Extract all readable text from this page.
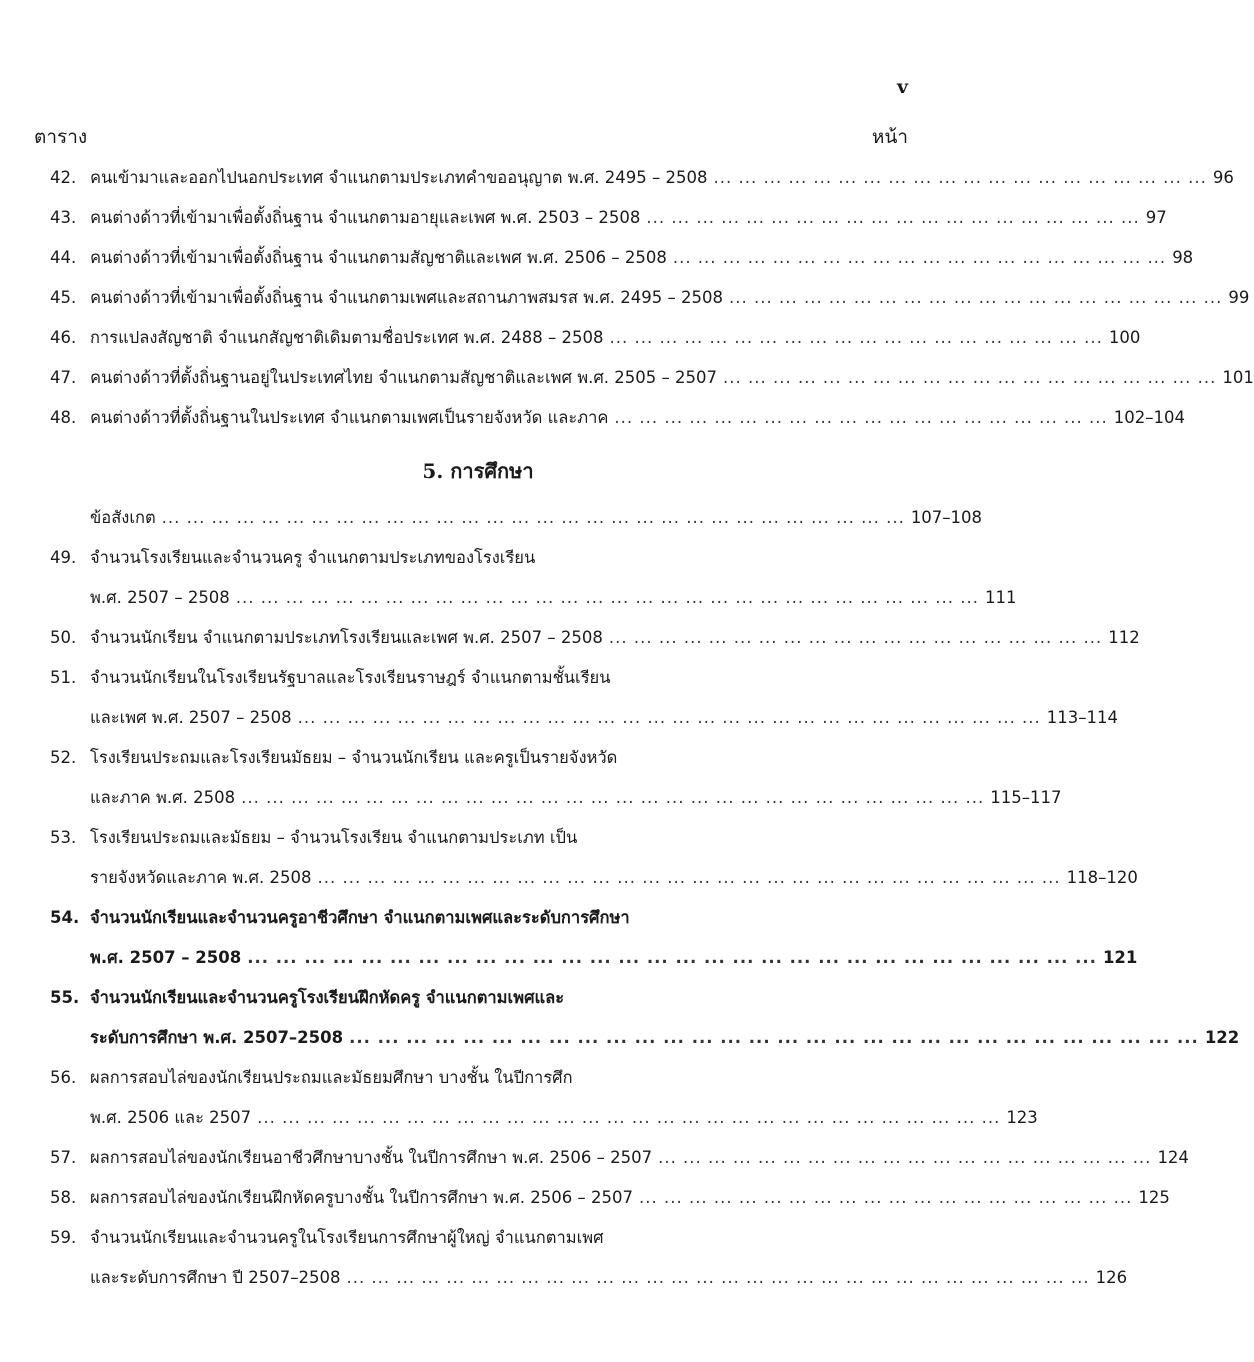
v
ตาราง	หน้า
42. คนเข้ามาและออกไปนอกประเทศ จำแนกตามประเภทคำขออนุญาต พ.ศ. 2495 – 2508 ... ... ... ... ... ... ... ... ... ... ... ... ... ... ... ... ... ... ... ... 96
43. คนต่างด้าวที่เข้ามาเพื่อตั้งถิ่นฐาน จำแนกตามอายุและเพศ พ.ศ. 2503 – 2508 ... ... ... ... ... ... ... ... ... ... ... ... ... ... ... ... ... ... ... ... 97
44. คนต่างด้าวที่เข้ามาเพื่อตั้งถิ่นฐาน จำแนกตามสัญชาติและเพศ พ.ศ. 2506 – 2508 ... ... ... ... ... ... ... ... ... ... ... ... ... ... ... ... ... ... ... ... 98
45. คนต่างด้าวที่เข้ามาเพื่อตั้งถิ่นฐาน จำแนกตามเพศและสถานภาพสมรส พ.ศ. 2495 – 2508 ... ... ... ... ... ... ... ... ... ... ... ... ... ... ... ... ... ... ... ... 99
46. การแปลงสัญชาติ จำแนกสัญชาติเดิมตามชื่อประเทศ พ.ศ. 2488 – 2508 ... ... ... ... ... ... ... ... ... ... ... ... ... ... ... ... ... ... ... ... 100
47. คนต่างด้าวที่ตั้งถิ่นฐานอยู่ในประเทศไทย จำแนกตามสัญชาติและเพศ พ.ศ. 2505 – 2507 ... ... ... ... ... ... ... ... ... ... ... ... ... ... ... ... ... ... ... ... 101
48. คนต่างด้าวที่ตั้งถิ่นฐานในประเทศ จำแนกตามเพศเป็นรายจังหวัด และภาค ... ... ... ... ... ... ... ... ... ... ... ... ... ... ... ... ... ... ... ... 102–104
5. การศึกษา
ข้อสังเกต ... ... ... ... ... ... ... ... ... ... ... ... ... ... ... ... ... ... ... ... ... ... ... ... ... ... ... ... ... ... 107–108
49. จำนวนโรงเรียนและจำนวนครู จำแนกตามประเภทของโรงเรียน
พ.ศ. 2507 – 2508 ... ... ... ... ... ... ... ... ... ... ... ... ... ... ... ... ... ... ... ... ... ... ... ... ... ... ... ... ... ... 111
50. จำนวนนักเรียน จำแนกตามประเภทโรงเรียนและเพศ พ.ศ. 2507 – 2508 ... ... ... ... ... ... ... ... ... ... ... ... ... ... ... ... ... ... ... ... 112
51. จำนวนนักเรียนในโรงเรียนรัฐบาลและโรงเรียนราษฎร์ จำแนกตามชั้นเรียน
และเพศ พ.ศ. 2507 – 2508 ... ... ... ... ... ... ... ... ... ... ... ... ... ... ... ... ... ... ... ... ... ... ... ... ... ... ... ... ... ... 113–114
52. โรงเรียนประถมและโรงเรียนมัธยม – จำนวนนักเรียน และครูเป็นรายจังหวัด
และภาค พ.ศ. 2508 ... ... ... ... ... ... ... ... ... ... ... ... ... ... ... ... ... ... ... ... ... ... ... ... ... ... ... ... ... ... 115–117
53. โรงเรียนประถมและมัธยม – จำนวนโรงเรียน จำแนกตามประเภท เป็น
รายจังหวัดและภาค พ.ศ. 2508 ... ... ... ... ... ... ... ... ... ... ... ... ... ... ... ... ... ... ... ... ... ... ... ... ... ... ... ... ... ... 118–120
54. จำนวนนักเรียนและจำนวนครูอาชีวศึกษา จำแนกตามเพศและระดับการศึกษา
พ.ศ. 2507 – 2508 ... ... ... ... ... ... ... ... ... ... ... ... ... ... ... ... ... ... ... ... ... ... ... ... ... ... ... ... ... ... 121
55. จำนวนนักเรียนและจำนวนครูโรงเรียนฝึกหัดครู จำแนกตามเพศและ
ระดับการศึกษา พ.ศ. 2507–2508 ... ... ... ... ... ... ... ... ... ... ... ... ... ... ... ... ... ... ... ... ... ... ... ... ... ... ... ... ... ... 122
56. ผลการสอบไล่ของนักเรียนประถมและมัธยมศึกษา บางชั้น ในปีการศึก
พ.ศ. 2506 และ 2507 ... ... ... ... ... ... ... ... ... ... ... ... ... ... ... ... ... ... ... ... ... ... ... ... ... ... ... ... ... ... 123
57. ผลการสอบไล่ของนักเรียนอาชีวศึกษาบางชั้น ในปีการศึกษา พ.ศ. 2506 – 2507 ... ... ... ... ... ... ... ... ... ... ... ... ... ... ... ... ... ... ... ... 124
58. ผลการสอบไล่ของนักเรียนฝึกหัดครูบางชั้น ในปีการศึกษา พ.ศ. 2506 – 2507 ... ... ... ... ... ... ... ... ... ... ... ... ... ... ... ... ... ... ... ... 125
59. จำนวนนักเรียนและจำนวนครูในโรงเรียนการศึกษาผู้ใหญ่ จำแนกตามเพศ
และระดับการศึกษา ปี 2507–2508 ... ... ... ... ... ... ... ... ... ... ... ... ... ... ... ... ... ... ... ... ... ... ... ... ... ... ... ... ... ... 126
